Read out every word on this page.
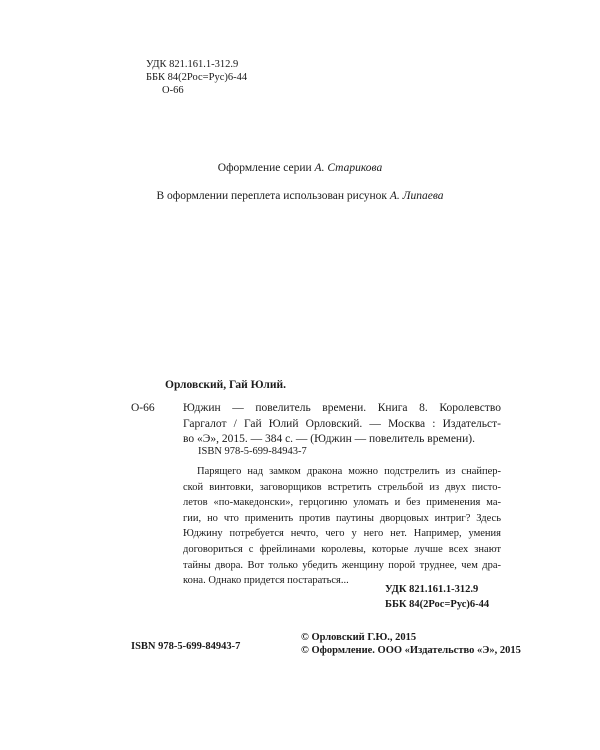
УДК 821.161.1-312.9
ББК 84(2Рос=Рус)6-44
О-66
Оформление серии А. Старикова
В оформлении переплета использован рисунок А. Липаева
Орловский, Гай Юлий.
О-66 Юджин — повелитель времени. Книга 8. Королевство
Гаргалот / Гай Юлий Орловский. — Москва : Издательст-
во «Э», 2015. — 384 с. — (Юджин — повелитель времени).
ISBN 978-5-699-84943-7
Парящего над замком дракона можно подстрелить из снайпер-
ской винтовки, заговорщиков встретить стрельбой из двух писто-
летов «по-македонски», герцогиню уломать и без применения ма-
гии, но что применить против паутины дворцовых интриг? Здесь
Юджину потребуется нечто, чего у него нет. Например, умения
договориться с фрейлинами королевы, которые лучше всех знают
тайны двора. Вот только убедить женщину порой труднее, чем дра-
кона. Однако придется постараться...
УДК 821.161.1-312.9
ББК 84(2Рос=Рус)6-44
ISBN 978-5-699-84943-7
© Орловский Г.Ю., 2015
© Оформление. ООО «Издательство «Э», 2015
